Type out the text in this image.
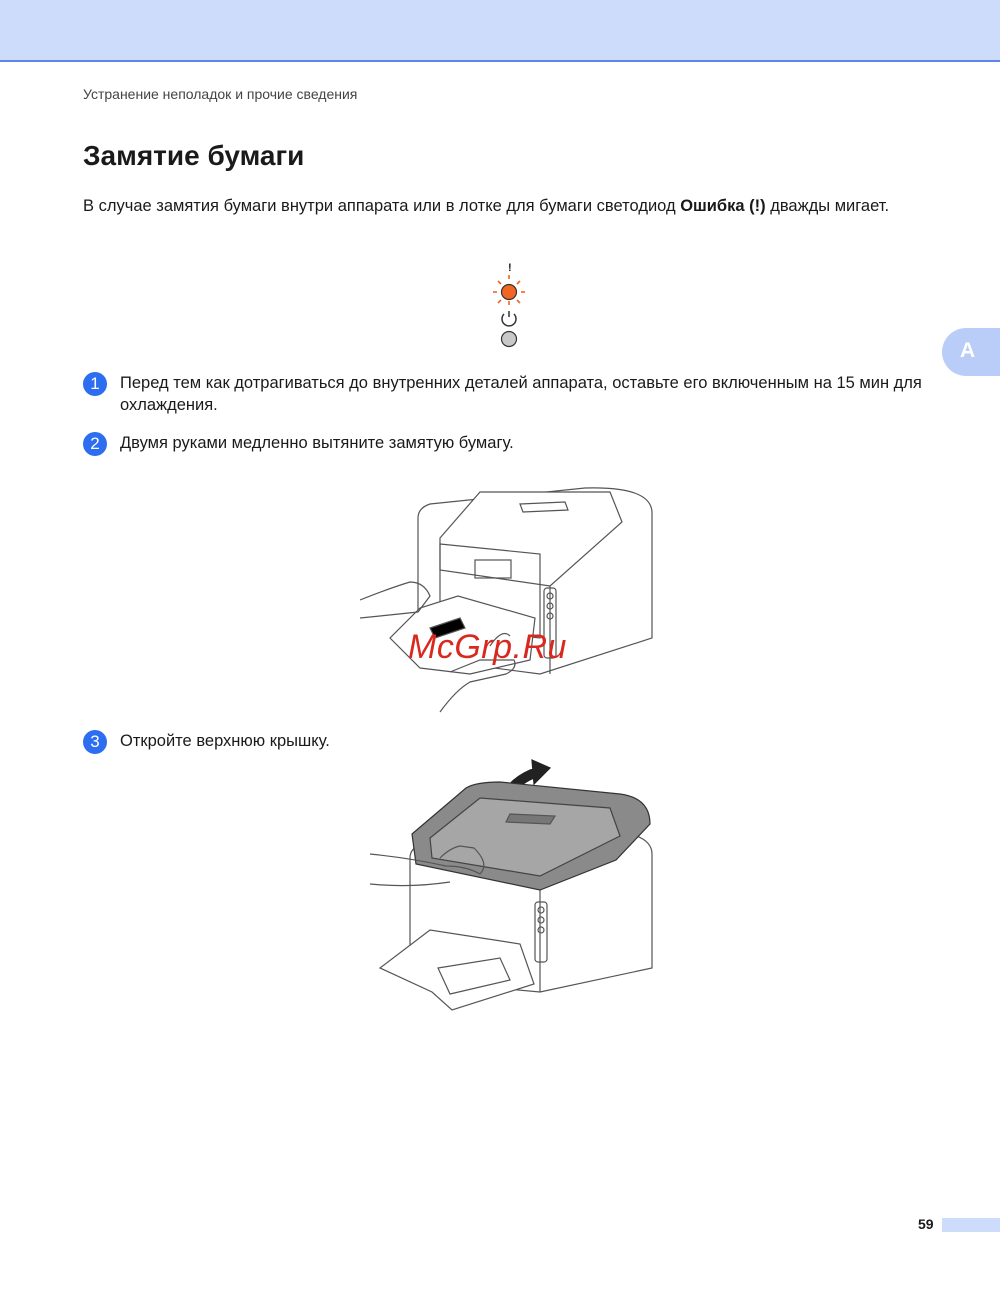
Устранение неполадок и прочие сведения
Замятие бумаги
В случае замятия бумаги внутри аппарата или в лотке для бумаги светодиод Ошибка (!) дважды мигает.
!
A
1	Перед тем как дотрагиваться до внутренних деталей аппарата, оставьте его включенным на 15 мин для охлаждения.
2	Двумя руками медленно вытяните замятую бумагу.
McGrp.Ru
3	Откройте верхнюю крышку.
59
